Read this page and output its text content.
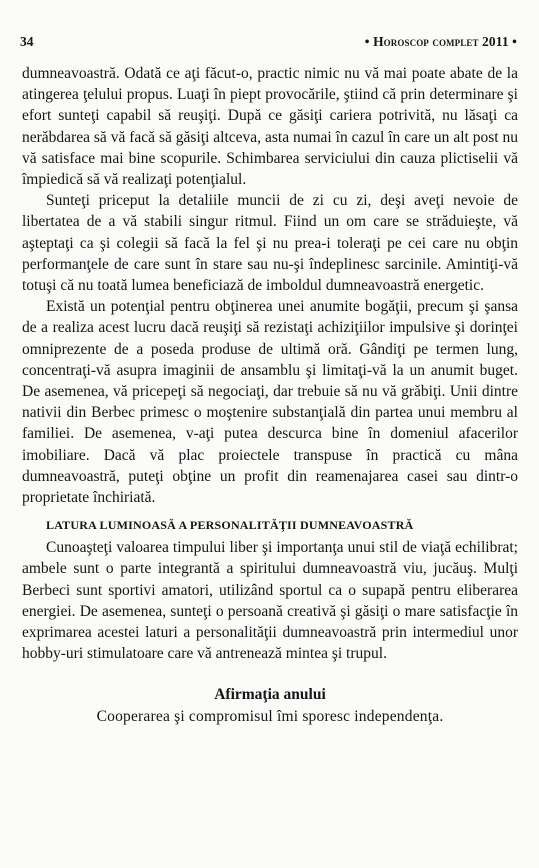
34	• Horoscop complet 2011 •

dumneavoastră. Odată ce aţi făcut-o, practic nimic nu vă mai poate abate de la atingerea ţelului propus. Luaţi în piept provocările, ştiind că prin determinare şi efort sunteţi capabil să reuşiţi. După ce găsiţi cariera potrivită, nu lăsaţi ca nerăbdarea să vă facă să găsiţi altceva, asta numai în cazul în care un alt post nu vă satisface mai bine scopurile. Schimbarea serviciului din cauza plictiselii vă împiedică să vă realizaţi potenţialul.

Sunteţi priceput la detaliile muncii de zi cu zi, deşi aveţi nevoie de libertatea de a vă stabili singur ritmul. Fiind un om care se străduieşte, vă aşteptaţi ca şi colegii să facă la fel şi nu prea-i toleraţi pe cei care nu obţin performanţele de care sunt în stare sau nu-şi îndeplinesc sarcinile. Amintiţi-vă totuşi că nu toată lumea beneficiază de imboldul dumneavoastră energetic.

Există un potenţial pentru obţinerea unei anumite bogăţii, precum şi şansa de a realiza acest lucru dacă reuşiţi să rezistaţi achiziţiilor impulsive şi dorinţei omniprezente de a poseda produse de ultimă oră. Gândiţi pe termen lung, concentraţi-vă asupra imaginii de ansamblu şi limitaţi-vă la un anumit buget. De asemenea, vă pricepeţi să negociaţi, dar trebuie să nu vă grăbiţi. Unii dintre nativii din Berbec primesc o moştenire substanţială din partea unui membru al familiei. De asemenea, v-aţi putea descurca bine în domeniul afacerilor imobiliare. Dacă vă plac proiectele transpuse în practică cu mâna dumneavoastră, puteţi obţine un profit din reamenajarea casei sau dintr-o proprietate închiriată.

LATURA LUMINOASĂ A PERSONALITĂŢII DUMNEAVOASTRĂ

Cunoaşteţi valoarea timpului liber şi importanţa unui stil de viaţă echilibrat; ambele sunt o parte integrantă a spiritului dumneavoastră viu, jucăuş. Mulţi Berbeci sunt sportivi amatori, utilizând sportul ca o supapă pentru eliberarea energiei. De asemenea, sunteţi o persoană creativă şi găsiţi o mare satisfacţie în exprimarea acestei laturi a personalităţii dumneavoastră prin intermediul unor hobby-uri stimulatoare care vă antrenează mintea şi trupul.

Afirmaţia anului
Cooperarea şi compromisul îmi sporesc independenţa.
